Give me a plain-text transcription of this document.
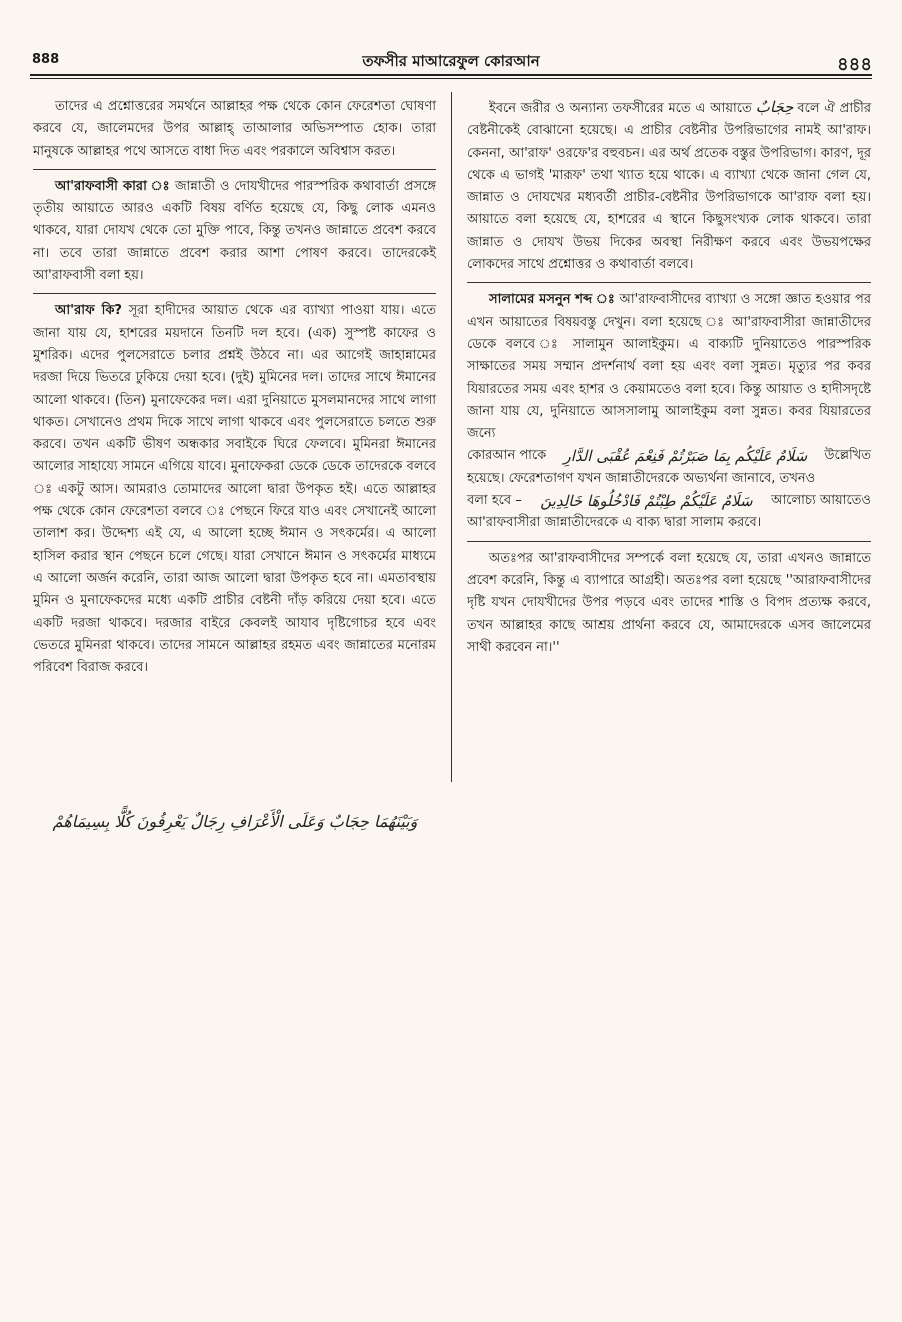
888	তফসীর মাআরেফুল কোরআন	৪৪৪

তাদের এ প্রশ্নোত্তরের সমর্থনে আল্লাহর পক্ষ থেকে কোন ফেরেশতা ঘোষণা করবে যে, জালেমদের উপর আল্লাহ্ তাআলার অভিসম্পাত হোক। তারা মানুষকে আল্লাহর পথে আসতে বাধা দিত এবং পরকালে অবিশ্বাস করত।

আ'রাফবাসী কারা ঃ জান্নাতী ও দোযখীদের পারস্পরিক কথাবার্তা প্রসঙ্গে তৃতীয় আয়াতে আরও একটি বিষয় বর্ণিত হয়েছে যে, কিছু লোক এমনও থাকবে, যারা দোযখ থেকে তো মুক্তি পাবে, কিন্তু তখনও জান্নাতে প্রবেশ করবে না। তবে তারা জান্নাতে প্রবেশ করার আশা পোষণ করবে। তাদেরকেই আ'রাফবাসী বলা হয়।

আ'রাফ কি? সূরা হাদীদের আয়াত থেকে এর ব্যাখ্যা পাওয়া যায়। এতে জানা যায় যে, হাশরের ময়দানে তিনটি দল হবে। (এক) সুস্পষ্ট কাফের ও মুশরিক। এদের পুলসেরাতে চলার প্রশ্নই উঠবে না। এর আগেই জাহান্নামের দরজা দিয়ে ভিতরে ঢুকিয়ে দেয়া হবে। (দুই) মুমিনের দল। তাদের সাথে ঈমানের আলো থাকবে। (তিন) মুনাফেকের দল। এরা দুনিয়াতে মুসলমানদের সাথে লাগা থাকত। সেখানেও প্রথম দিকে সাথে লাগা থাকবে এবং পুলসেরাতে চলতে শুরু করবে। তখন একটি ভীষণ অন্ধকার সবাইকে ঘিরে ফেলবে। মুমিনরা ঈমানের আলোর সাহায্যে সামনে এগিয়ে যাবে। মুনাফেকরা ডেকে ডেকে তাদেরকে বলবে ঃ একটু আস। আমরাও তোমাদের আলো দ্বারা উপকৃত হই। এতে আল্লাহর পক্ষ থেকে কোন ফেরেশতা বলবে ঃ পেছনে ফিরে যাও এবং সেখানেই আলো তালাশ কর। উদ্দেশ্য এই যে, এ আলো হচ্ছে ঈমান ও সৎকর্মের। এ আলো হাসিল করার স্থান পেছনে চলে গেছে। যারা সেখানে ঈমান ও সৎকর্মের মাধ্যমে এ আলো অর্জন করেনি, তারা আজ আলো দ্বারা উপকৃত হবে না। এমতাবস্থায় মুমিন ও মুনাফেকদের মধ্যে একটি প্রাচীর বেষ্টনী দাঁড় করিয়ে দেয়া হবে। এতে একটি দরজা থাকবে। দরজার বাইরে কেবলই আযাব দৃষ্টিগোচর হবে এবং ভেতরে মুমিনরা থাকবে। তাদের সামনে আল্লাহর রহমত এবং জান্নাতের মনোরম পরিবেশ বিরাজ করবে।

وَبَيْنَهُمَا حِجَابٌ وَعَلَى الْأَعْرَافِ رِجَالٌ يَعْرِفُونَ كُلًّا بِسِيمَاهُمْ

ইবনে জরীর ও অন্যান্য তফসীরের মতে এ আয়াতে حِجَابٌ বলে ঐ প্রাচীর বেষ্টনীকেই বোঝানো হয়েছে। এ প্রাচীর বেষ্টনীর উপরিভাগের নামই আ'রাফ। কেননা, আ'রাফ' ওরফে'র বহুবচন। এর অর্থ প্রতেক বস্তুর উপরিভাগ। কারণ, দূর থেকে এ ভাগই 'মারূফ' তথা খ্যাত হয়ে থাকে। এ ব্যাখ্যা থেকে জানা গেল যে, জান্নাত ও দোযখের মধ্যবর্তী প্রাচীর-বেষ্টনীর উপরিভাগকে আ'রাফ বলা হয়। আয়াতে বলা হয়েছে যে, হাশরের এ স্থানে কিছুসংখ্যক লোক থাকবে। তারা জান্নাত ও দোযখ উভয় দিকের অবস্থা নিরীক্ষণ করবে এবং উভয়পক্ষের লোকদের সাথে প্রশ্নোত্তর ও কথাবার্তা বলবে।

সালামের মসনুন শব্দ ঃ আ'রাফবাসীদের ব্যাখ্যা ও সঙ্গো জ্ঞাত হওয়ার পর এখন আয়াতের বিষয়বস্তু দেখুন। বলা হয়েছে ঃ আ'রাফবাসীরা জান্নাতীদের ডেকে বলবে ঃ সালামুন আলাইকুম। এ বাক্যটি দুনিয়াতেও পারস্পরিক সাক্ষাতের সময় সম্মান প্রদর্শনার্থ বলা হয় এবং বলা সুন্নত। মৃত্যুর পর কবর যিয়ারতের সময় এবং হাশর ও কেয়ামতেও বলা হবে। কিন্তু আয়াত ও হাদীসদৃষ্টে জানা যায় যে, দুনিয়াতে আসসালামু আলাইকুম বলা সুন্নত। কবর যিয়ারতের জন্যে

কোরআন পাকে	سَلَامٌ عَلَيْكُم بِمَا صَبَرْتُمْ فَنِعْمَ عُقْبَى الدَّارِ	উল্লেখিত

হয়েছে। ফেরেশতাগণ যখন জান্নাতীদেরকে অভ্যর্থনা জানাবে, তখনও

বলা হবে –	سَلَامٌ عَلَيْكُمْ طِبْتُمْ فَادْخُلُوهَا خَالِدِينَ	আলোচ্য আয়াতেও

আ'রাফবাসীরা জান্নাতীদেরকে এ বাক্য দ্বারা সালাম করবে।

অতঃপর আ'রাফবাসীদের সম্পর্কে বলা হয়েছে যে, তারা এখনও জান্নাতে প্রবেশ করেনি, কিন্তু এ ব্যাপারে আগ্রহী। অতঃপর বলা হয়েছে ''আরাফবাসীদের দৃষ্টি যখন দোযখীদের উপর পড়বে এবং তাদের শাস্তি ও বিপদ প্রত্যক্ষ করবে, তখন আল্লাহর কাছে আশ্রয় প্রার্থনা করবে যে, আমাদেরকে এসব জালেমের সাথী করবেন না।''
